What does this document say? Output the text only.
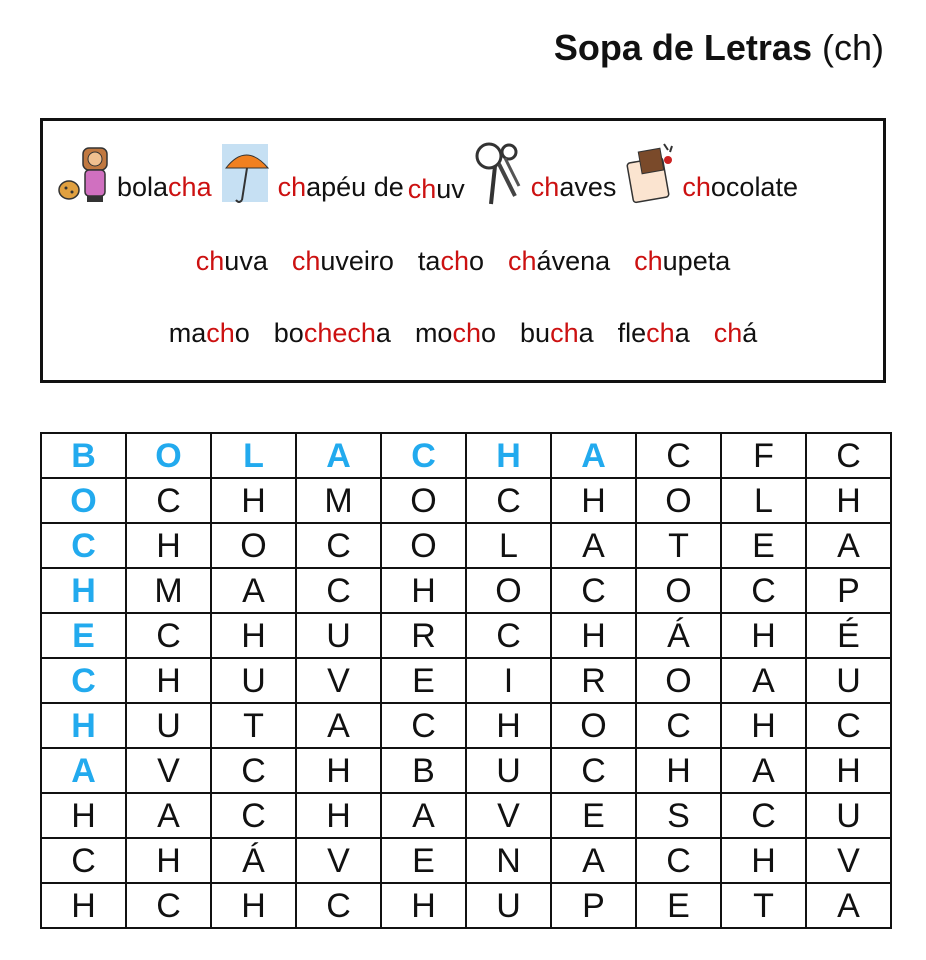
Sopa de Letras (ch)
bolacha	chapéu de chuv	chaves	chocolate
chuva chuveiro tacho chávena chupeta
macho bochecha mocho bucha flecha chá
B	O	L	A	C	H	A	C	F	C
O	C	H	M	O	C	H	O	L	H
C	H	O	C	O	L	A	T	E	A
H	M	A	C	H	O	C	O	C	P
E	C	H	U	R	C	H	Á	H	É
C	H	U	V	E	I	R	O	A	U
H	U	T	A	C	H	O	C	H	C
A	V	C	H	B	U	C	H	A	H
H	A	C	H	A	V	E	S	C	U
C	H	Á	V	E	N	A	C	H	V
H	C	H	C	H	U	P	E	T	A
